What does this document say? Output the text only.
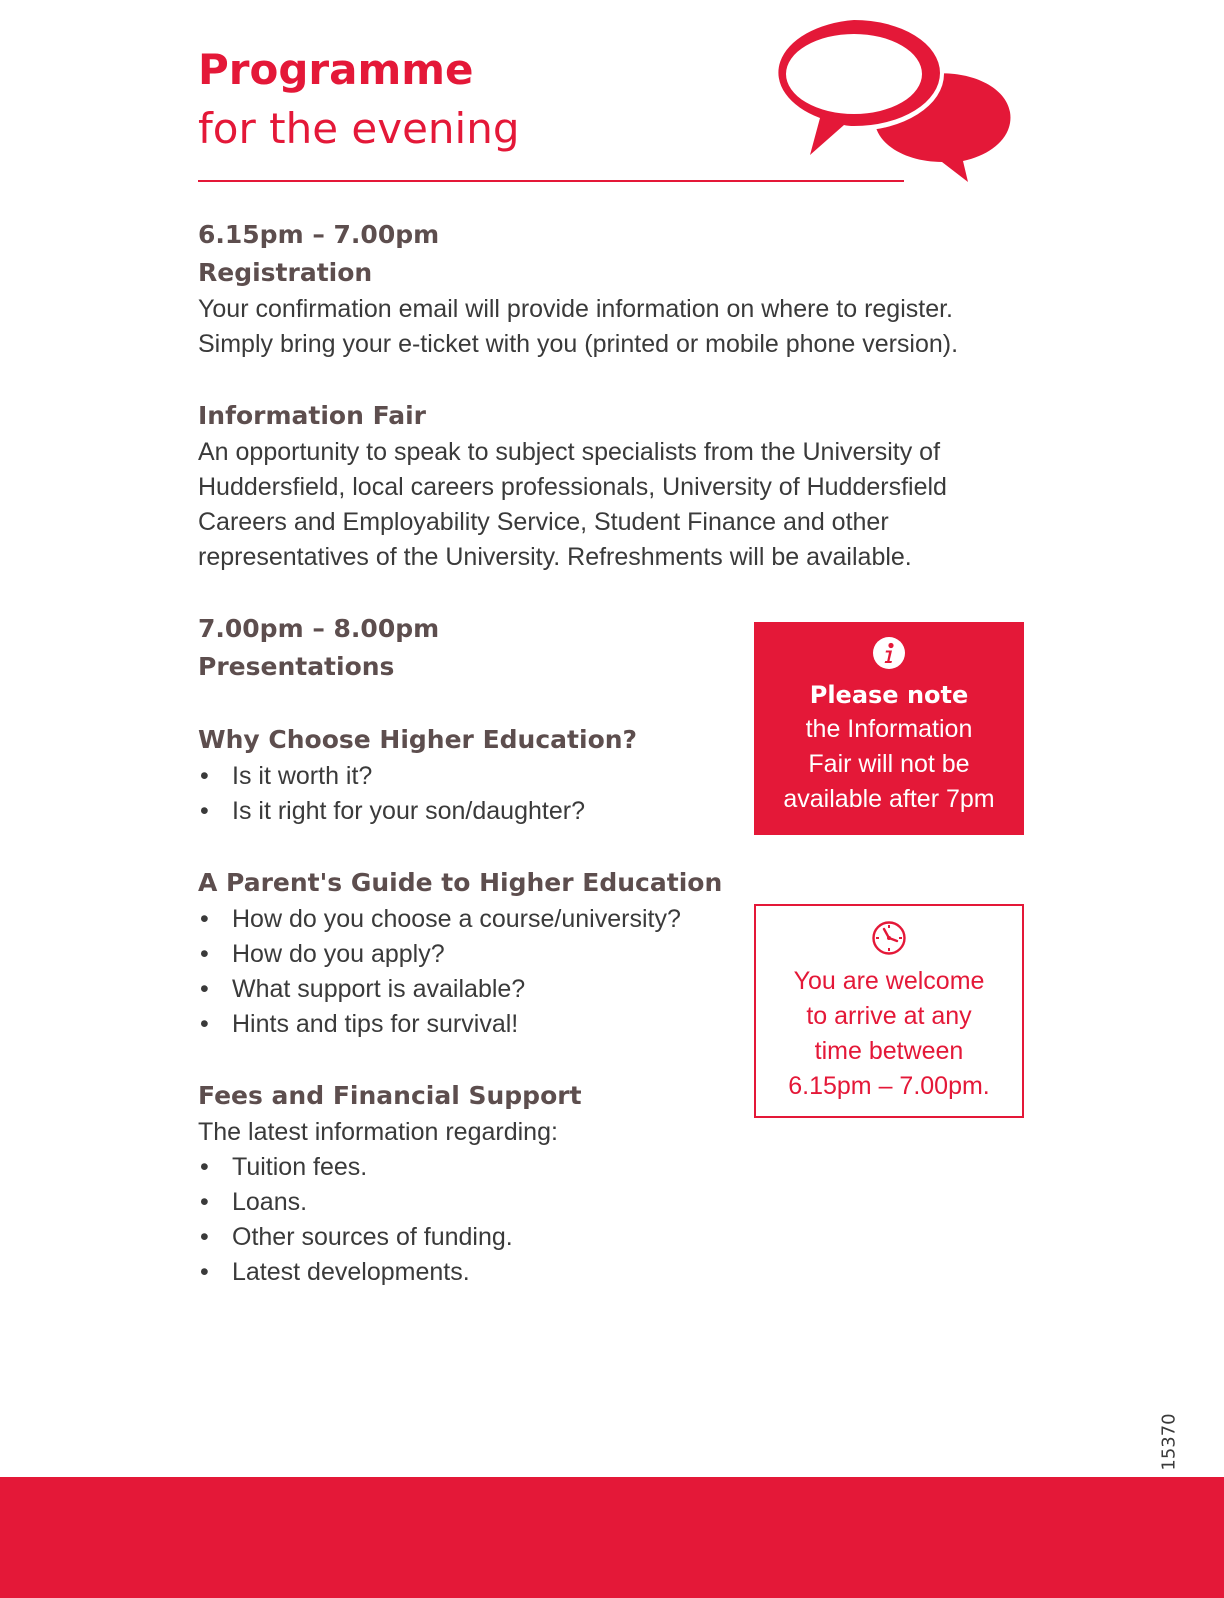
Programme
for the evening
6.15pm – 7.00pm
Registration
Your confirmation email will provide information on where to register.
Simply bring your e-ticket with you (printed or mobile phone version).
Information Fair
An opportunity to speak to subject specialists from the University of
Huddersfield, local careers professionals, University of Huddersfield
Careers and Employability Service, Student Finance and other
representatives of the University. Refreshments will be available.
7.00pm – 8.00pm
Presentations
Why Choose Higher Education?
• Is it worth it?
• Is it right for your son/daughter?
A Parent's Guide to Higher Education
• How do you choose a course/university?
• How do you apply?
• What support is available?
• Hints and tips for survival!
Fees and Financial Support
The latest information regarding:
• Tuition fees.
• Loans.
• Other sources of funding.
• Latest developments.
Please note
the Information
Fair will not be
available after 7pm
You are welcome
to arrive at any
time between
6.15pm – 7.00pm.
15370
